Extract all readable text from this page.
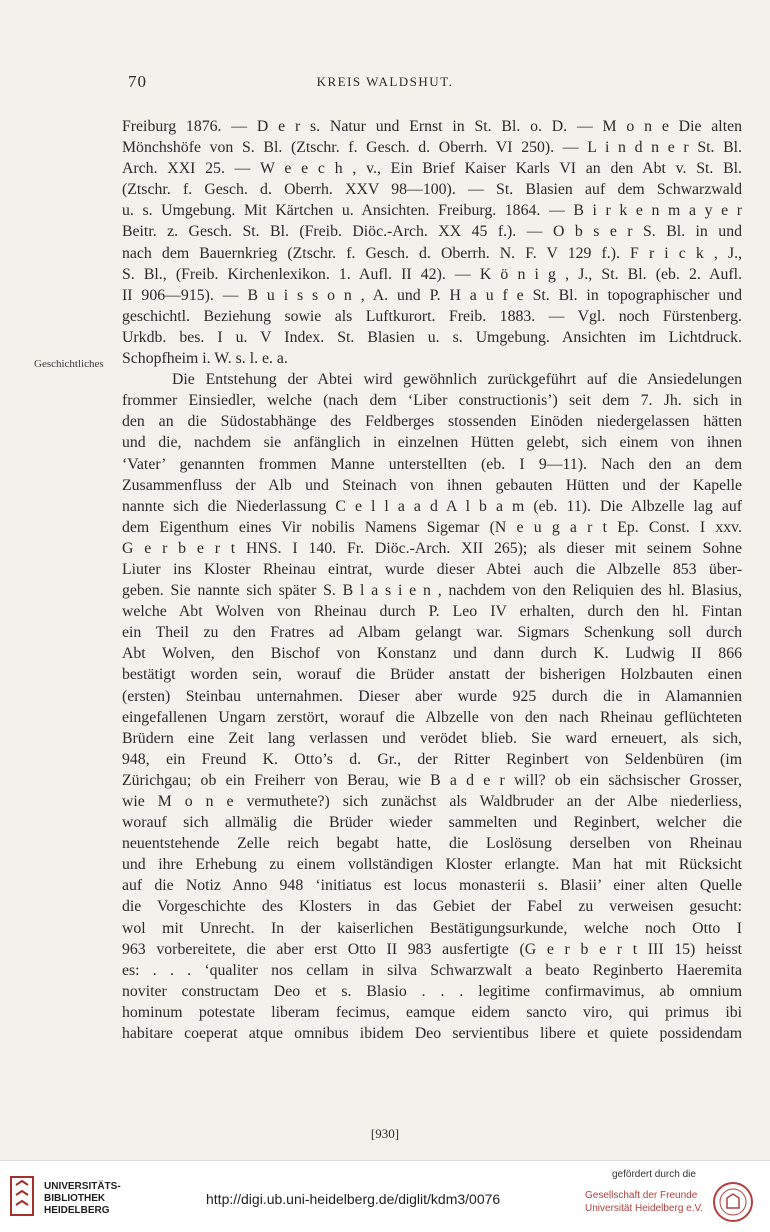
70	KREIS WALDSHUT.
Geschichtliches
Freiburg 1876. — D e r s. Natur und Ernst in St. Bl. o. D. — M o n e Die alten
Mönchshöfe von S. Bl. (Ztschr. f. Gesch. d. Oberrh. VI 250). — L i n d n e r St. Bl.
Arch. XXI 25. — W e e c h , v., Ein Brief Kaiser Karls VI an den Abt v. St. Bl.
(Ztschr. f. Gesch. d. Oberrh. XXV 98—100). — St. Blasien auf dem Schwarzwald
u. s. Umgebung. Mit Kärtchen u. Ansichten. Freiburg. 1864. — B i r k e n m a y e r
Beitr. z. Gesch. St. Bl. (Freib. Diöc.-Arch. XX 45 f.). — O b s e r S. Bl. in und
nach dem Bauernkrieg (Ztschr. f. Gesch. d. Oberrh. N. F. V 129 f.). F r i c k , J.,
S. Bl., (Freib. Kirchenlexikon. 1. Aufl. II 42). — K ö n i g , J., St. Bl. (eb. 2. Aufl.
II 906—915). — B u i s s o n , A. und P. H a u f e St. Bl. in topographischer und
geschichtl. Beziehung sowie als Luftkurort. Freib. 1883. — Vgl. noch Fürstenberg.
Urkdb. bes. I u. V Index. St. Blasien u. s. Umgebung. Ansichten im Lichtdruck.
Schopfheim i. W. s. l. e. a.
Die Entstehung der Abtei wird gewöhnlich zurückgeführt auf die Ansiedelungen
frommer Einsiedler, welche (nach dem ‘Liber constructionis’) seit dem 7. Jh. sich in
den an die Südostabhänge des Feldberges stossenden Einöden niedergelassen hätten
und die, nachdem sie anfänglich in einzelnen Hütten gelebt, sich einem von ihnen
‘Vater’ genannten frommen Manne unterstellten (eb. I 9—11). Nach den an dem
Zusammenfluss der Alb und Steinach von ihnen gebauten Hütten und der Kapelle
nannte sich die Niederlassung C e l l a a d A l b a m (eb. 11). Die Albzelle lag auf
dem Eigenthum eines Vir nobilis Namens Sigemar (N e u g a r t Ep. Const. I xxv.
G e r b e r t HNS. I 140. Fr. Diöc.-Arch. XII 265); als dieser mit seinem Sohne
Liuter ins Kloster Rheinau eintrat, wurde dieser Abtei auch die Albzelle 853 über-
geben. Sie nannte sich später S. B l a s i e n , nachdem von den Reliquien des hl. Blasius,
welche Abt Wolven von Rheinau durch P. Leo IV erhalten, durch den hl. Fintan
ein Theil zu den Fratres ad Albam gelangt war. Sigmars Schenkung soll durch
Abt Wolven, den Bischof von Konstanz und dann durch K. Ludwig II 866
bestätigt worden sein, worauf die Brüder anstatt der bisherigen Holzbauten einen
(ersten) Steinbau unternahmen. Dieser aber wurde 925 durch die in Alamannien
eingefallenen Ungarn zerstört, worauf die Albzelle von den nach Rheinau geflüchteten
Brüdern eine Zeit lang verlassen und verödet blieb. Sie ward erneuert, als sich,
948, ein Freund K. Otto’s d. Gr., der Ritter Reginbert von Seldenbüren (im
Zürichgau; ob ein Freiherr von Berau, wie B a d e r will? ob ein sächsischer Grosser,
wie M o n e vermuthete?) sich zunächst als Waldbruder an der Albe niederliess,
worauf sich allmälig die Brüder wieder sammelten und Reginbert, welcher die
neuentstehende Zelle reich begabt hatte, die Loslösung derselben von Rheinau
und ihre Erhebung zu einem vollständigen Kloster erlangte. Man hat mit Rücksicht
auf die Notiz Anno 948 ‘initiatus est locus monasterii s. Blasii’ einer alten Quelle
die Vorgeschichte des Klosters in das Gebiet der Fabel zu verweisen gesucht:
wol mit Unrecht. In der kaiserlichen Bestätigungsurkunde, welche noch Otto I
963 vorbereitete, die aber erst Otto II 983 ausfertigte (G e r b e r t III 15) heisst
es: . . . ‘qualiter nos cellam in silva Schwarzwalt a beato Reginberto Haeremita
noviter constructam Deo et s. Blasio . . . legitime confirmavimus, ab omnium
hominum potestate liberam fecimus, eamque eidem sancto viro, qui primus ibi
habitare coeperat atque omnibus ibidem Deo servientibus libere et quiete possidendam
[930]
UNIVERSITÄTS-
BIBLIOTHEK
HEIDELBERG
http://digi.ub.uni-heidelberg.de/diglit/kdm3/0076
gefördert durch die
Gesellschaft der Freunde
Universität Heidelberg e.V.
